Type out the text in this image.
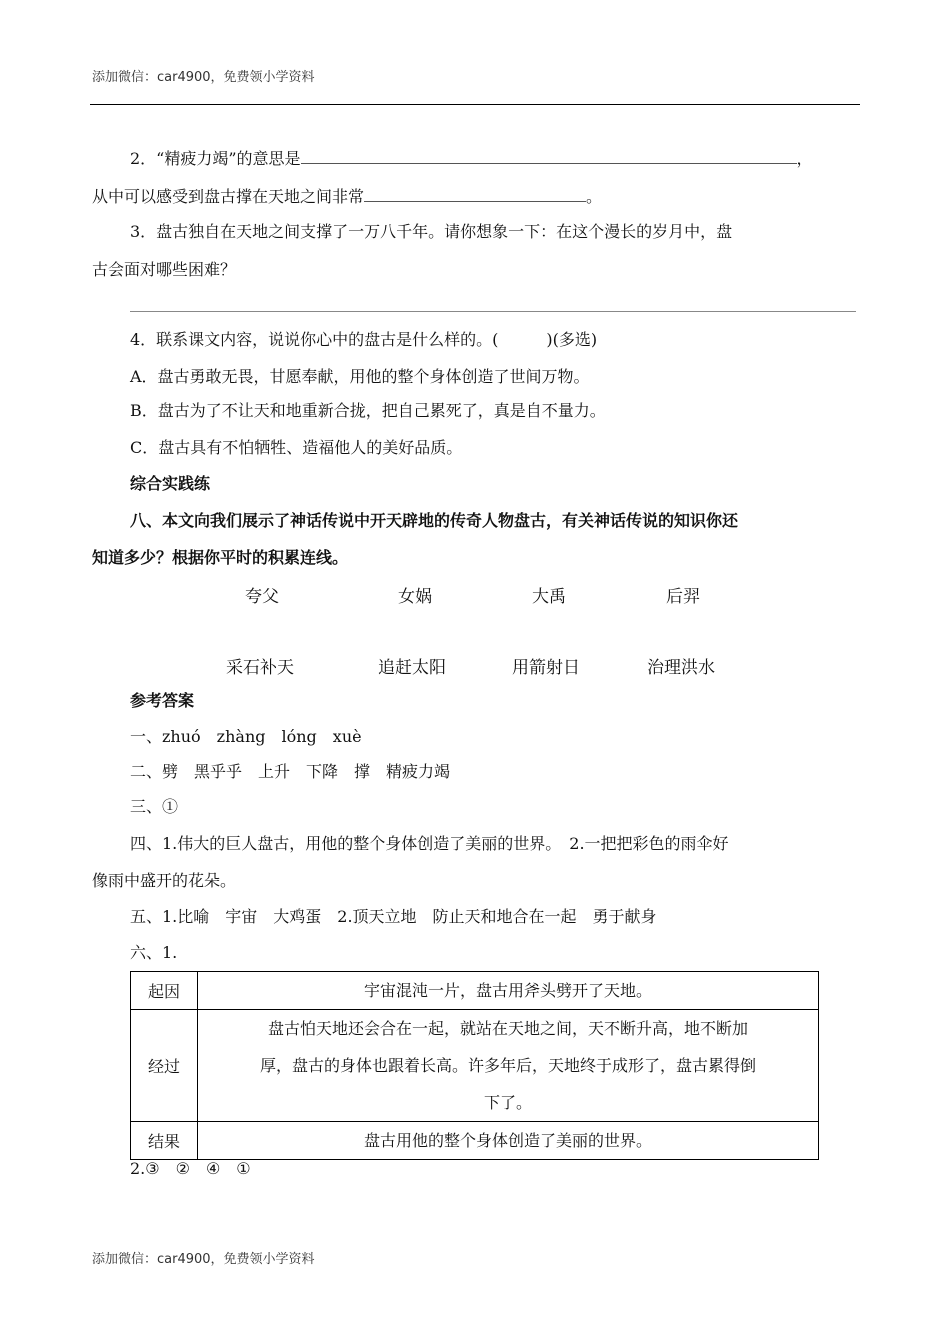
添加微信：car4900，免费领小学资料
2．“精疲力竭”的意思是	，
从中可以感受到盘古撑在天地之间非常	。
3．盘古独自在天地之间支撑了一万八千年。请你想象一下：在这个漫长的岁月中，盘
古会面对哪些困难？
4．联系课文内容，说说你心中的盘古是什么样的。(　　　)(多选)
A．盘古勇敢无畏，甘愿奉献，用他的整个身体创造了世间万物。
B．盘古为了不让天和地重新合拢，把自己累死了，真是自不量力。
C．盘古具有不怕牺牲、造福他人的美好品质。
综合实践练
八、本文向我们展示了神话传说中开天辟地的传奇人物盘古，有关神话传说的知识你还
知道多少？根据你平时的积累连线。
夸父	女娲	大禹	后羿
采石补天	追赶太阳	用箭射日	治理洪水
参考答案
一、zhuó　zhàng　lóng　xuè
二、劈　黑乎乎　上升　下降　撑　精疲力竭
三、①
四、1.伟大的巨人盘古，用他的整个身体创造了美丽的世界。　2.一把把彩色的雨伞好
像雨中盛开的花朵。
五、1.比喻　宇宙　大鸡蛋　2.顶天立地　防止天和地合在一起　勇于献身
六、1.
起因	宇宙混沌一片，盘古用斧头劈开了天地。
经过	盘古怕天地还会合在一起，就站在天地之间，天不断升高，地不断加
厚，盘古的身体也跟着长高。许多年后，天地终于成形了，盘古累得倒
下了。

结果	盘古用他的整个身体创造了美丽的世界。
2.③　②　④　①
添加微信：car4900，免费领小学资料
